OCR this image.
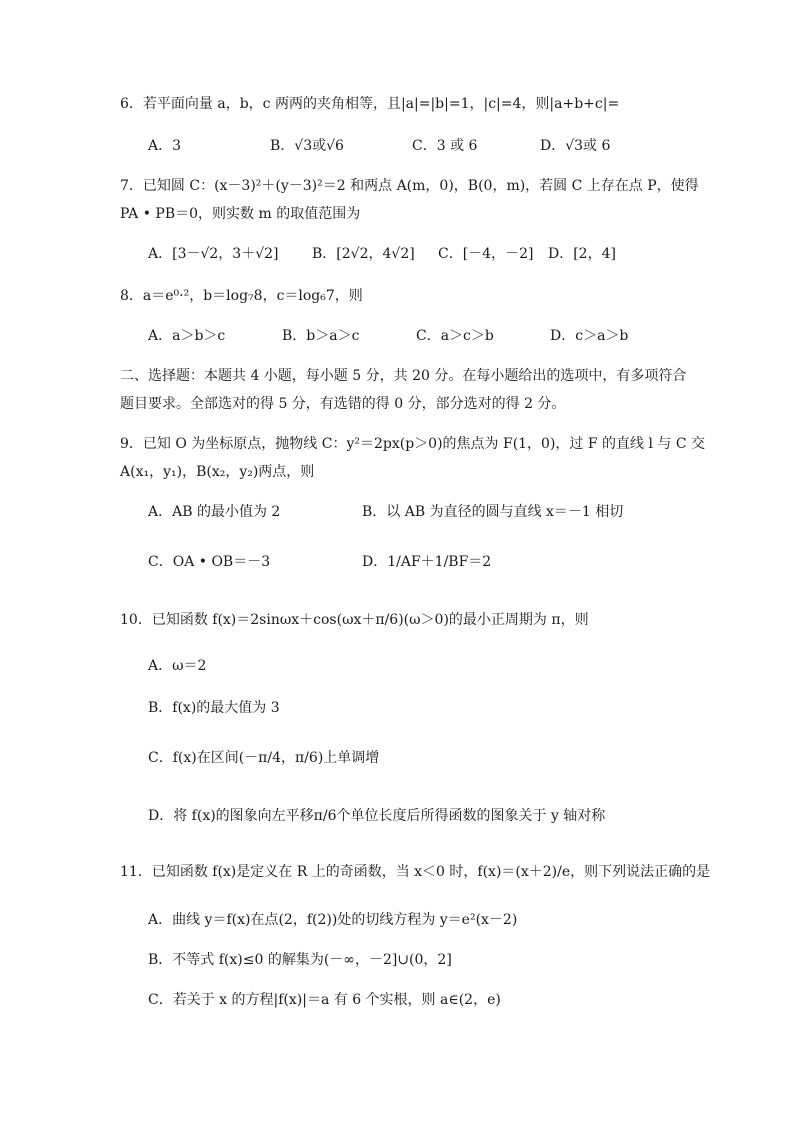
6．若平面向量 a，b，c 两两的夹角相等，且|a|=|b|=1，|c|=4，则|a+b+c|=
A．3	B．√3或√6	C．3 或 6	D．√3或 6
7．已知圆 C：(x－3)²＋(y－3)²＝2 和两点 A(m，0)，B(0，m)，若圆 C 上存在点 P，使得
PA • PB＝0，则实数 m 的取值范围为
A．[3－√2，3＋√2] B．[2√2，4√2] C．[－4，－2] D．[2，4]
8．a＝e⁰·²，b＝log₇8，c＝log₆7，则
A．a＞b＞c	B．b＞a＞c	C．a＞c＞b	D．c＞a＞b
二、选择题：本题共 4 小题，每小题 5 分，共 20 分。在每小题给出的选项中，有多项符合
题目要求。全部选对的得 5 分，有选错的得 0 分，部分选对的得 2 分。
9．已知 O 为坐标原点，抛物线 C：y²＝2px(p＞0)的焦点为 F(1，0)，过 F 的直线 l 与 C 交
A(x₁，y₁)，B(x₂，y₂)两点，则
A．AB 的最小值为 2	B．以 AB 为直径的圆与直线 x＝－1 相切
C．OA • OB＝－3	D．1/AF＋1/BF＝2
10．已知函数 f(x)＝2sinωx＋cos(ωx＋π/6)(ω＞0)的最小正周期为 π，则
A．ω＝2
B．f(x)的最大值为 3
C．f(x)在区间(－π/4，π/6)上单调增
D．将 f(x)的图象向左平移π/6个单位长度后所得函数的图象关于 y 轴对称
11．已知函数 f(x)是定义在 R 上的奇函数，当 x＜0 时，f(x)＝(x＋2)/e，则下列说法正确的是
A．曲线 y＝f(x)在点(2，f(2))处的切线方程为 y＝e²(x－2)
B．不等式 f(x)≤0 的解集为(－∞，－2]∪(0，2]
C．若关于 x 的方程|f(x)|＝a 有 6 个实根，则 a∈(2，e)
